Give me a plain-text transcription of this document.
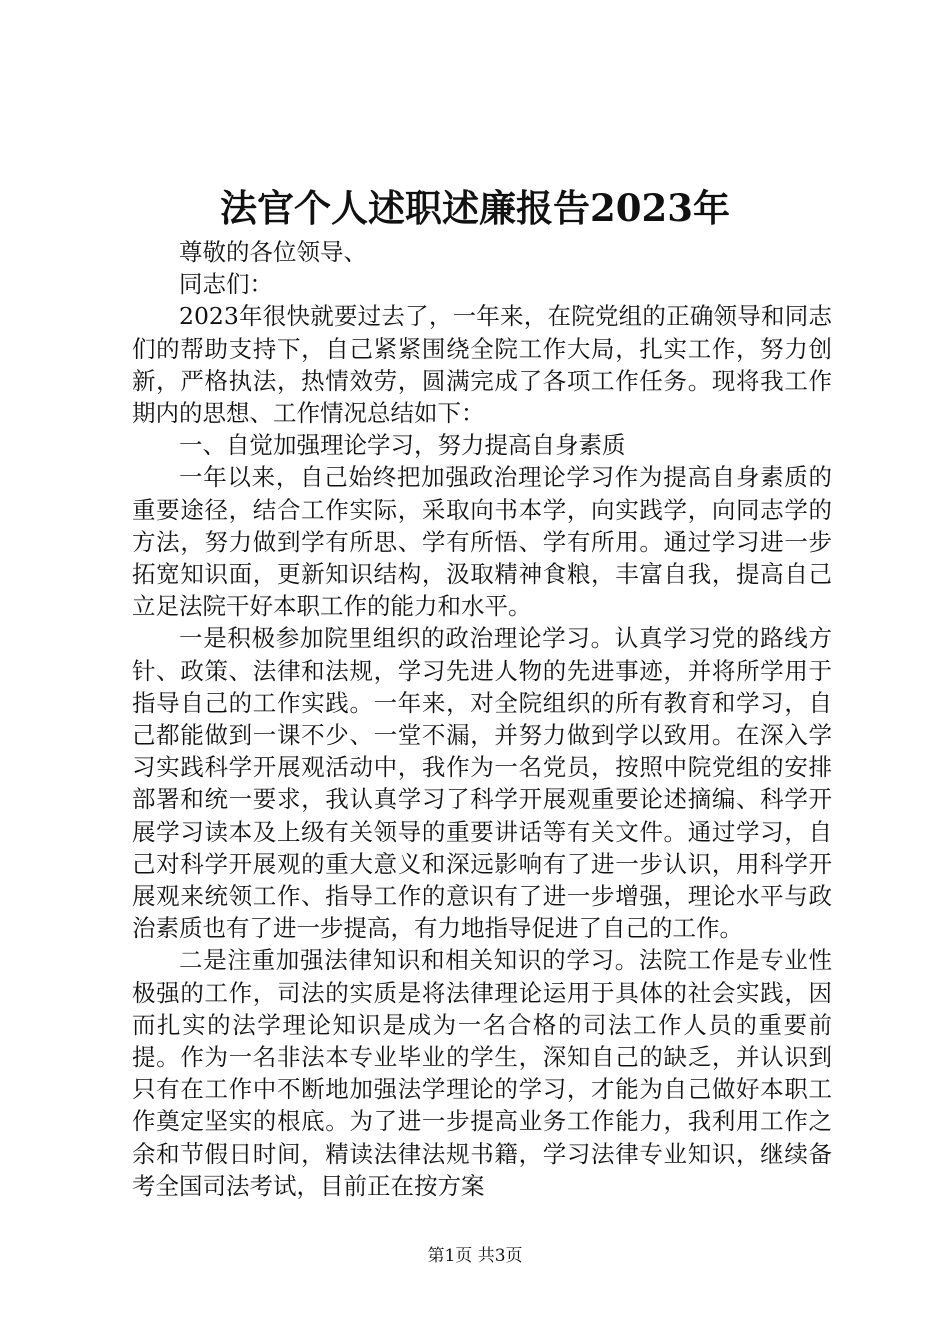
法官个人述职述廉报告2023年

尊敬的各位领导、

同志们：

2023年很快就要过去了，一年来，在院党组的正确领导和同志们的帮助支持下，自己紧紧围绕全院工作大局，扎实工作，努力创新，严格执法，热情效劳，圆满完成了各项工作任务。现将我工作期内的思想、工作情况总结如下：

一、自觉加强理论学习，努力提高自身素质

一年以来，自己始终把加强政治理论学习作为提高自身素质的重要途径，结合工作实际，采取向书本学，向实践学，向同志学的方法，努力做到学有所思、学有所悟、学有所用。通过学习进一步拓宽知识面，更新知识结构，汲取精神食粮，丰富自我，提高自己立足法院干好本职工作的能力和水平。

一是积极参加院里组织的政治理论学习。认真学习党的路线方针、政策、法律和法规，学习先进人物的先进事迹，并将所学用于指导自己的工作实践。一年来，对全院组织的所有教育和学习，自己都能做到一课不少、一堂不漏，并努力做到学以致用。在深入学习实践科学开展观活动中，我作为一名党员，按照中院党组的安排部署和统一要求，我认真学习了科学开展观重要论述摘编、科学开展学习读本及上级有关领导的重要讲话等有关文件。通过学习，自己对科学开展观的重大意义和深远影响有了进一步认识，用科学开展观来统领工作、指导工作的意识有了进一步增强，理论水平与政治素质也有了进一步提高，有力地指导促进了自己的工作。

二是注重加强法律知识和相关知识的学习。法院工作是专业性极强的工作，司法的实质是将法律理论运用于具体的社会实践，因而扎实的法学理论知识是成为一名合格的司法工作人员的重要前提。作为一名非法本专业毕业的学生，深知自己的缺乏，并认识到只有在工作中不断地加强法学理论的学习，才能为自己做好本职工作奠定坚实的根底。为了进一步提高业务工作能力，我利用工作之余和节假日时间，精读法律法规书籍，学习法律专业知识，继续备考全国司法考试，目前正在按方案

第1页 共3页
